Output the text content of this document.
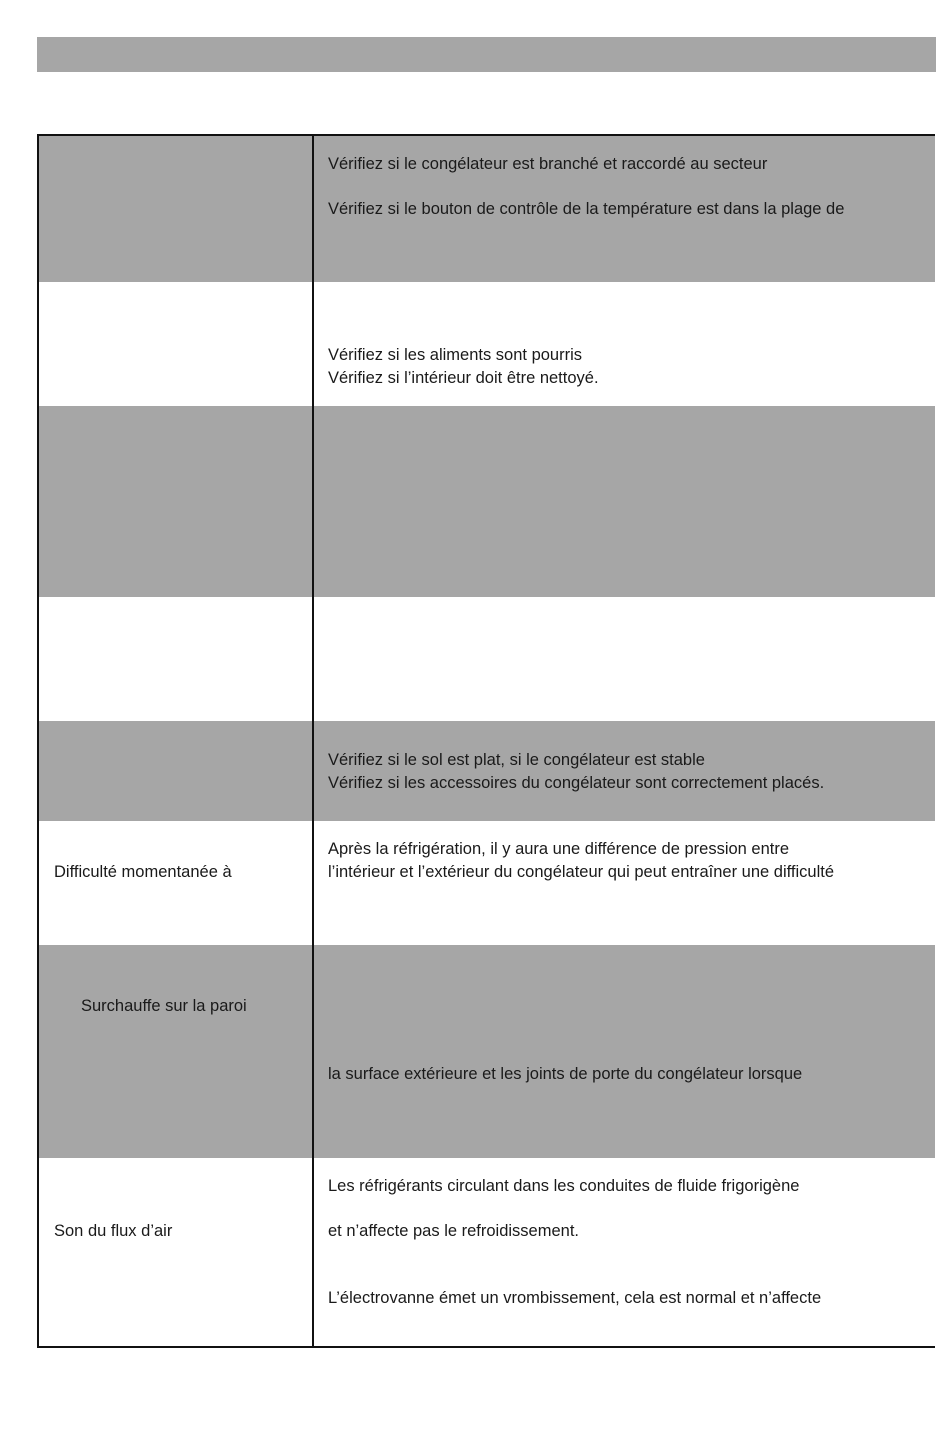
Vérifiez si le congélateur est branché et raccordé au secteur
Vérifiez si le bouton de contrôle de la température est dans la plage de
Vérifiez si les aliments sont pourris
Vérifiez si l’intérieur doit être nettoyé.
Vérifiez si le sol est plat, si le congélateur est stable
Vérifiez si les accessoires du congélateur sont correctement placés.
Difficulté momentanée à
Après la réfrigération, il y aura une différence de pression entre
l’intérieur et l’extérieur du congélateur qui peut entraîner une difficulté
Surchauffe sur la paroi
la surface extérieure et les joints de porte du congélateur lorsque
Son du flux d’air
Les réfrigérants circulant dans les conduites de fluide frigorigène
et n’affecte pas le refroidissement.
L’électrovanne émet un vrombissement, cela est normal et n’affecte
